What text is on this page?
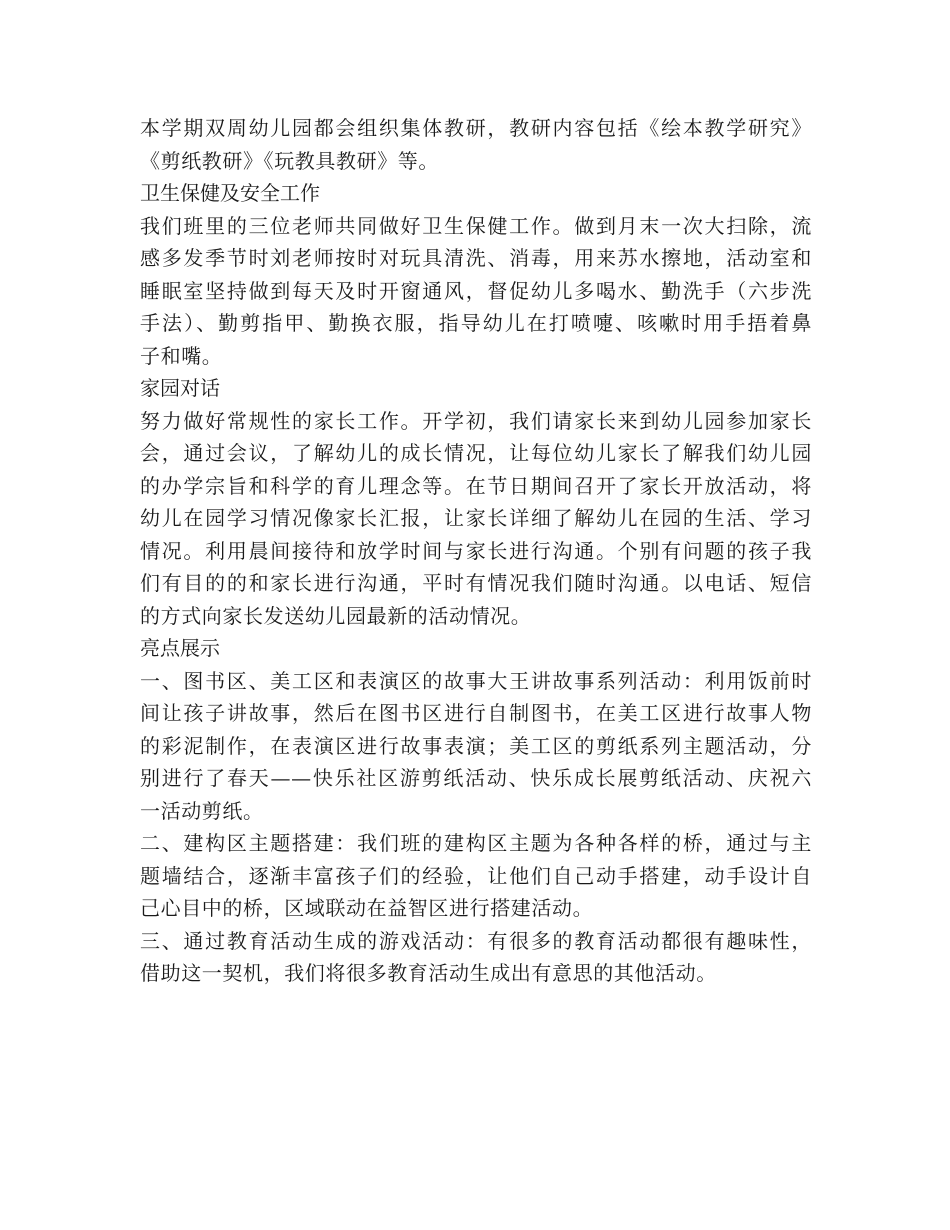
本学期双周幼儿园都会组织集体教研，教研内容包括《绘本教学研究》
《剪纸教研》《玩教具教研》等。
卫生保健及安全工作
我们班里的三位老师共同做好卫生保健工作。做到月末一次大扫除，流
感多发季节时刘老师按时对玩具清洗、消毒，用来苏水擦地，活动室和
睡眠室坚持做到每天及时开窗通风，督促幼儿多喝水、勤洗手（六步洗
手法）、勤剪指甲、勤换衣服，指导幼儿在打喷嚏、咳嗽时用手捂着鼻
子和嘴。
家园对话
努力做好常规性的家长工作。开学初，我们请家长来到幼儿园参加家长
会，通过会议，了解幼儿的成长情况，让每位幼儿家长了解我们幼儿园
的办学宗旨和科学的育儿理念等。在节日期间召开了家长开放活动，将
幼儿在园学习情况像家长汇报，让家长详细了解幼儿在园的生活、学习
情况。利用晨间接待和放学时间与家长进行沟通。个别有问题的孩子我
们有目的的和家长进行沟通，平时有情况我们随时沟通。以电话、短信
的方式向家长发送幼儿园最新的活动情况。
亮点展示
一、图书区、美工区和表演区的故事大王讲故事系列活动：利用饭前时
间让孩子讲故事，然后在图书区进行自制图书，在美工区进行故事人物
的彩泥制作，在表演区进行故事表演；美工区的剪纸系列主题活动，分
别进行了春天——快乐社区游剪纸活动、快乐成长展剪纸活动、庆祝六
一活动剪纸。
二、建构区主题搭建：我们班的建构区主题为各种各样的桥，通过与主
题墙结合，逐渐丰富孩子们的经验，让他们自己动手搭建，动手设计自
己心目中的桥，区域联动在益智区进行搭建活动。
三、通过教育活动生成的游戏活动：有很多的教育活动都很有趣味性，
借助这一契机，我们将很多教育活动生成出有意思的其他活动。
